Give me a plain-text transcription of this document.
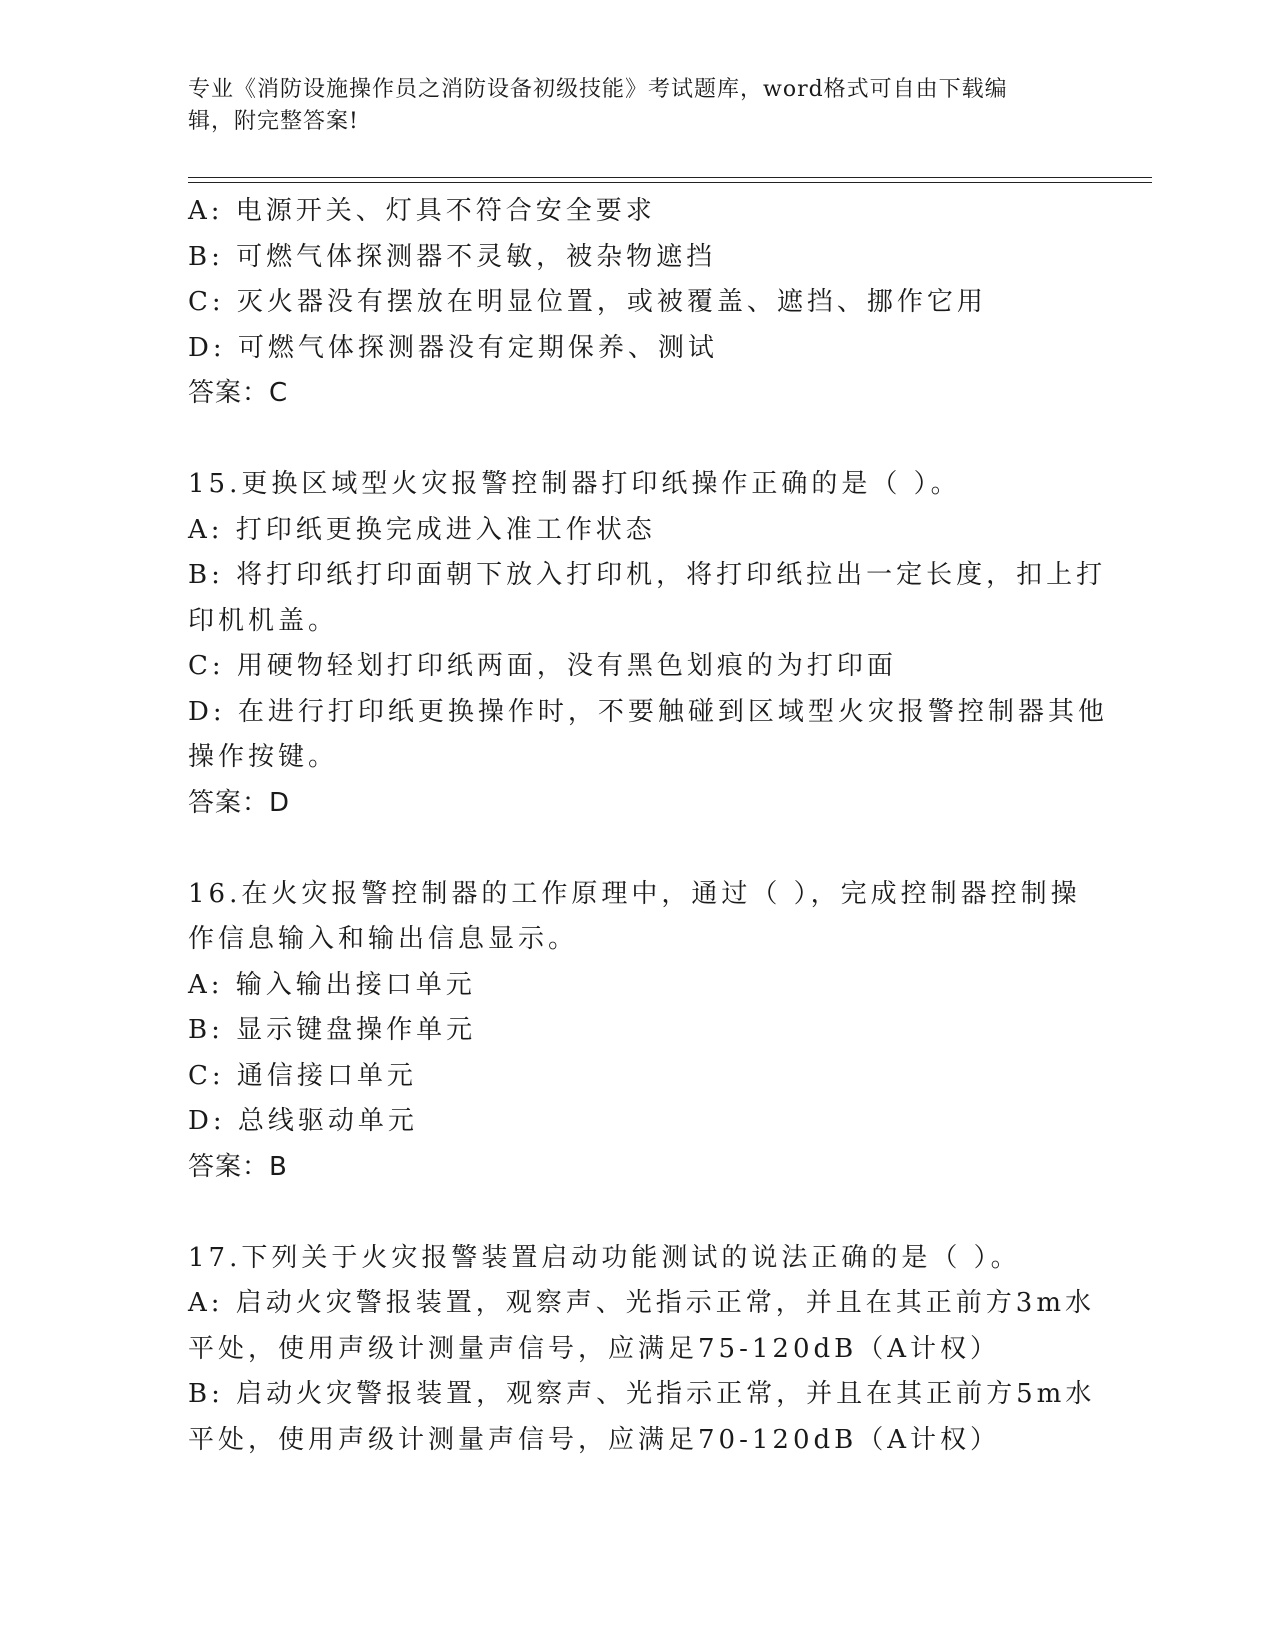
专业《消防设施操作员之消防设备初级技能》考试题库，word格式可自由下载编
辑，附完整答案!
A: 电源开关、灯具不符合安全要求
B: 可燃气体探测器不灵敏，被杂物遮挡
C: 灭火器没有摆放在明显位置，或被覆盖、遮挡、挪作它用
D: 可燃气体探测器没有定期保养、测试
答案：C
15.更换区域型火灾报警控制器打印纸操作正确的是（ ）。
A: 打印纸更换完成进入准工作状态
B: 将打印纸打印面朝下放入打印机，将打印纸拉出一定长度，扣上打
印机机盖。
C: 用硬物轻划打印纸两面，没有黑色划痕的为打印面
D: 在进行打印纸更换操作时，不要触碰到区域型火灾报警控制器其他
操作按键。
答案：D
16.在火灾报警控制器的工作原理中，通过（ ），完成控制器控制操
作信息输入和输出信息显示。
A: 输入输出接口单元
B: 显示键盘操作单元
C: 通信接口单元
D: 总线驱动单元
答案：B
17.下列关于火灾报警装置启动功能测试的说法正确的是（ ）。
A: 启动火灾警报装置，观察声、光指示正常，并且在其正前方3m水
平处，使用声级计测量声信号，应满足75-120dB（A计权）
B: 启动火灾警报装置，观察声、光指示正常，并且在其正前方5m水
平处，使用声级计测量声信号，应满足70-120dB（A计权）
